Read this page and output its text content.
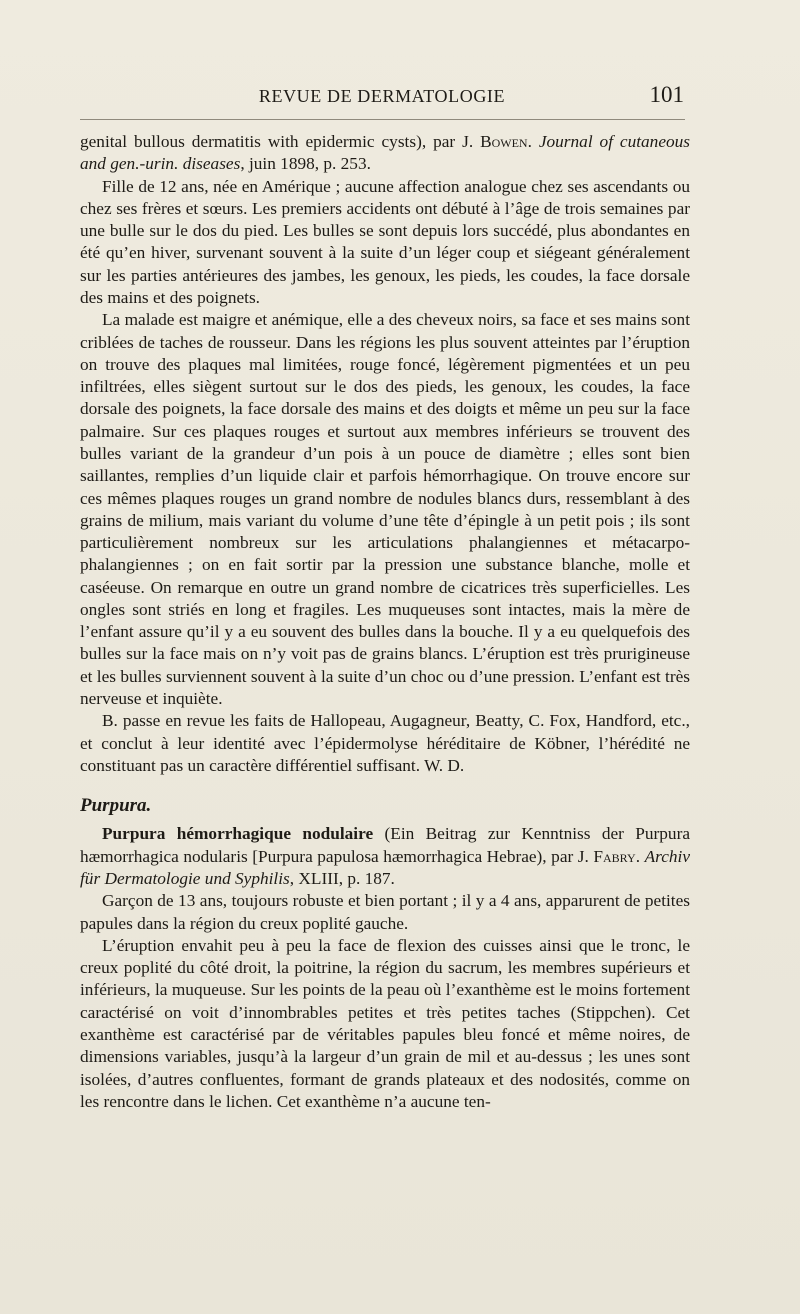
REVUE DE DERMATOLOGIE	101

genital bullous dermatitis with epidermic cysts), par J. Bowen. Journal of cutaneous and gen.-urin. diseases, juin 1898, p. 253.

Fille de 12 ans, née en Amérique ; aucune affection analogue chez ses ascendants ou chez ses frères et sœurs. Les premiers accidents ont débuté à l’âge de trois semaines par une bulle sur le dos du pied. Les bulles se sont depuis lors succédé, plus abondantes en été qu’en hiver, survenant souvent à la suite d’un léger coup et siégeant généralement sur les parties antérieures des jambes, les genoux, les pieds, les coudes, la face dorsale des mains et des poignets.

La malade est maigre et anémique, elle a des cheveux noirs, sa face et ses mains sont criblées de taches de rousseur. Dans les régions les plus souvent atteintes par l’éruption on trouve des plaques mal limitées, rouge foncé, légèrement pigmentées et un peu infiltrées, elles siègent surtout sur le dos des pieds, les genoux, les coudes, la face dorsale des poignets, la face dorsale des mains et des doigts et même un peu sur la face palmaire. Sur ces plaques rouges et surtout aux membres inférieurs se trouvent des bulles variant de la grandeur d’un pois à un pouce de diamètre ; elles sont bien saillantes, remplies d’un liquide clair et parfois hémorrhagique. On trouve encore sur ces mêmes plaques rouges un grand nombre de nodules blancs durs, ressemblant à des grains de milium, mais variant du volume d’une tête d’épingle à un petit pois ; ils sont particulièrement nombreux sur les articulations phalangiennes et métacarpo-phalangiennes ; on en fait sortir par la pression une substance blanche, molle et caséeuse. On remarque en outre un grand nombre de cicatrices très superficielles. Les ongles sont striés en long et fragiles. Les muqueuses sont intactes, mais la mère de l’enfant assure qu’il y a eu souvent des bulles dans la bouche. Il y a eu quelquefois des bulles sur la face mais on n’y voit pas de grains blancs. L’éruption est très prurigineuse et les bulles surviennent souvent à la suite d’un choc ou d’une pression. L’enfant est très nerveuse et inquiète.

B. passe en revue les faits de Hallopeau, Augagneur, Beatty, C. Fox, Handford, etc., et conclut à leur identité avec l’épidermolyse héréditaire de Köbner, l’hérédité ne constituant pas un caractère différentiel suffisant. W. D.

Purpura.

Purpura hémorrhagique nodulaire (Ein Beitrag zur Kenntniss der Purpura hæmorrhagica nodularis [Purpura papulosa hæmorrhagica Hebrae), par J. Fabry. Archiv für Dermatologie und Syphilis, XLIII, p. 187.

Garçon de 13 ans, toujours robuste et bien portant ; il y a 4 ans, apparurent de petites papules dans la région du creux poplité gauche.

L’éruption envahit peu à peu la face de flexion des cuisses ainsi que le tronc, le creux poplité du côté droit, la poitrine, la région du sacrum, les membres supérieurs et inférieurs, la muqueuse. Sur les points de la peau où l’exanthème est le moins fortement caractérisé on voit d’innombrables petites et très petites taches (Stippchen). Cet exanthème est caractérisé par de véritables papules bleu foncé et même noires, de dimensions variables, jusqu’à la largeur d’un grain de mil et au-dessus ; les unes sont isolées, d’autres confluentes, formant de grands plateaux et des nodosités, comme on les rencontre dans le lichen. Cet exanthème n’a aucune ten-
